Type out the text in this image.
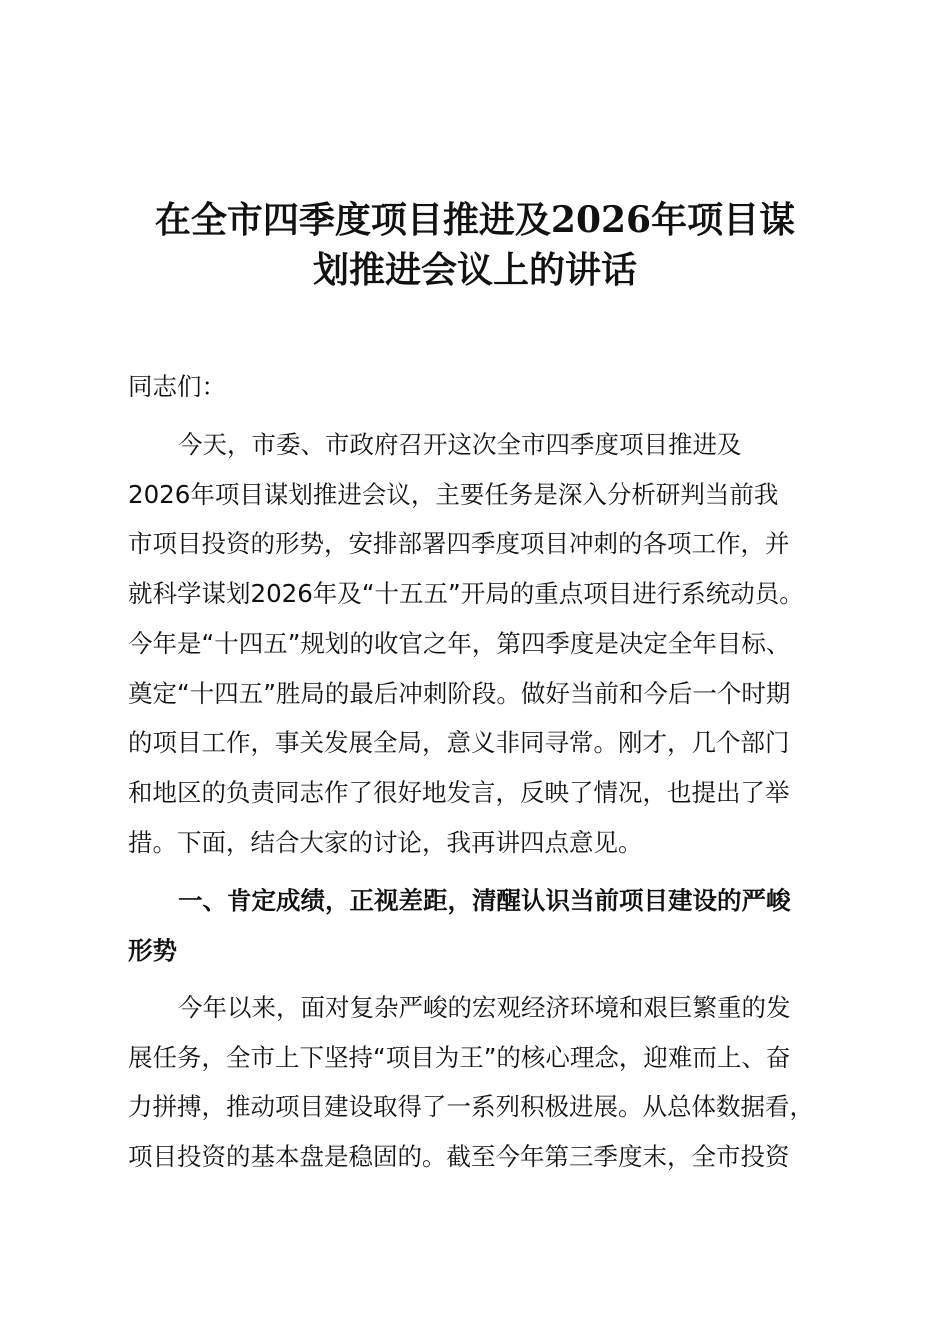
在全市四季度项目推进及2026年项目谋
划推进会议上的讲话
同志们：
今天，市委、市政府召开这次全市四季度项目推进及
2026年项目谋划推进会议，主要任务是深入分析研判当前我
市项目投资的形势，安排部署四季度项目冲刺的各项工作，并
就科学谋划2026年及“十五五”开局的重点项目进行系统动员。
今年是“十四五”规划的收官之年，第四季度是决定全年目标、
奠定“十四五”胜局的最后冲刺阶段。做好当前和今后一个时期
的项目工作，事关发展全局，意义非同寻常。刚才，几个部门
和地区的负责同志作了很好地发言，反映了情况，也提出了举
措。下面，结合大家的讨论，我再讲四点意见。
一、肯定成绩，正视差距，清醒认识当前项目建设的严峻
形势
今年以来，面对复杂严峻的宏观经济环境和艰巨繁重的发
展任务，全市上下坚持“项目为王”的核心理念，迎难而上、奋
力拼搏，推动项目建设取得了一系列积极进展。从总体数据看，
项目投资的基本盘是稳固的。截至今年第三季度末，全市投资
